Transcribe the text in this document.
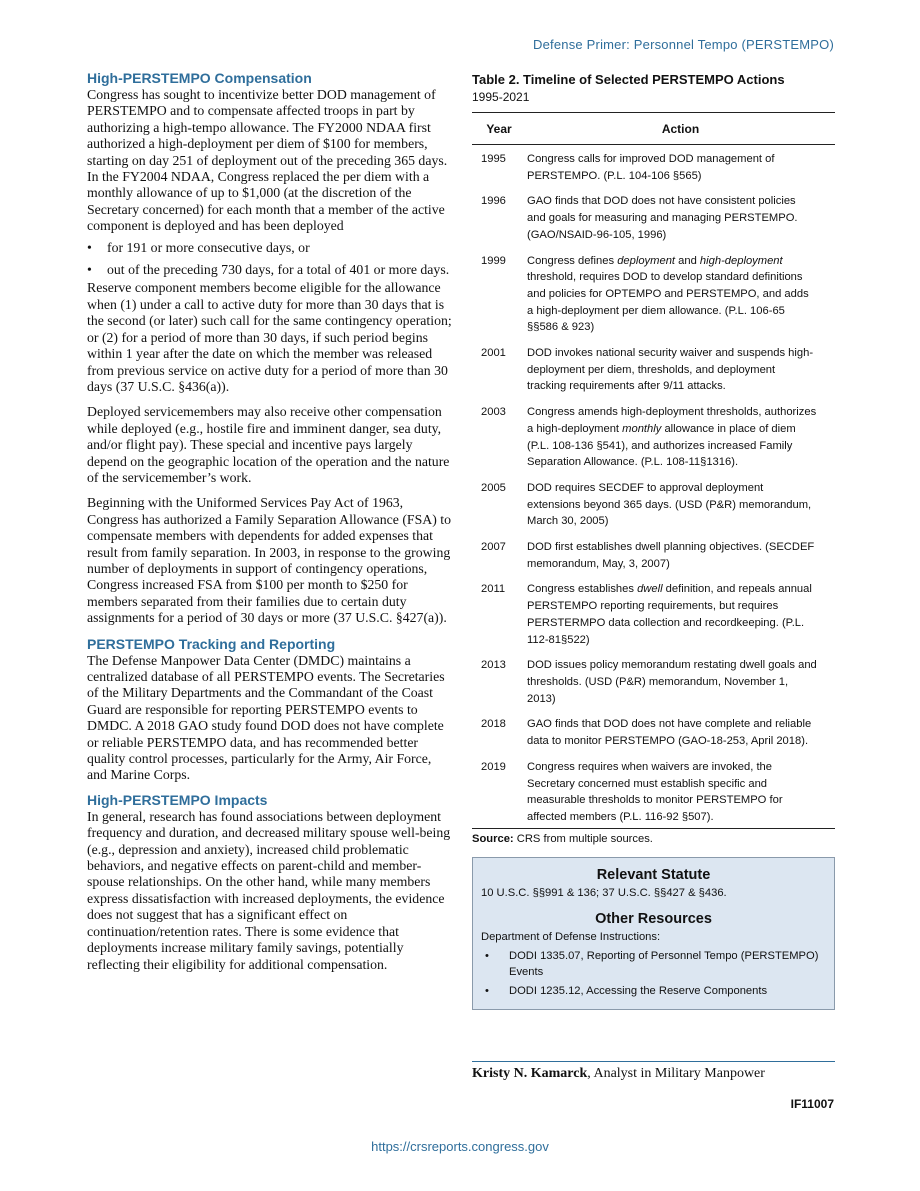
Defense Primer: Personnel Tempo (PERSTEMPO)
High-PERSTEMPO Compensation

Congress has sought to incentivize better DOD management of PERSTEMPO and to compensate affected troops in part by authorizing a high-tempo allowance. The FY2000 NDAA first authorized a high-deployment per diem of $100 for members, starting on day 251 of deployment out of the preceding 365 days. In the FY2004 NDAA, Congress replaced the per diem with a monthly allowance of up to $1,000 (at the discretion of the Secretary concerned) for each month that a member of the active component is deployed and has been deployed

• for 191 or more consecutive days, or
• out of the preceding 730 days, for a total of 401 or more days.

Reserve component members become eligible for the allowance when (1) under a call to active duty for more than 30 days that is the second (or later) such call for the same contingency operation; or (2) for a period of more than 30 days, if such period begins within 1 year after the date on which the member was released from previous service on active duty for a period of more than 30 days (37 U.S.C. §436(a)).

Deployed servicemembers may also receive other compensation while deployed (e.g., hostile fire and imminent danger, sea duty, and/or flight pay). These special and incentive pays largely depend on the geographic location of the operation and the nature of the servicemember’s work.

Beginning with the Uniformed Services Pay Act of 1963, Congress has authorized a Family Separation Allowance (FSA) to compensate members with dependents for added expenses that result from family separation. In 2003, in response to the growing number of deployments in support of contingency operations, Congress increased FSA from $100 per month to $250 for members separated from their families due to certain duty assignments for a period of 30 days or more (37 U.S.C. §427(a)).

PERSTEMPO Tracking and Reporting

The Defense Manpower Data Center (DMDC) maintains a centralized database of all PERSTEMPO events. The Secretaries of the Military Departments and the Commandant of the Coast Guard are responsible for reporting PERSTEMPO events to DMDC. A 2018 GAO study found DOD does not have complete or reliable PERSTEMPO data, and has recommended better quality control processes, particularly for the Army, Air Force, and Marine Corps.

High-PERSTEMPO Impacts

In general, research has found associations between deployment frequency and duration, and decreased military spouse well-being (e.g., depression and anxiety), increased child problematic behaviors, and negative effects on parent-child and member-spouse relationships. On the other hand, while many members express dissatisfaction with increased deployments, the evidence does not suggest that has a significant effect on continuation/retention rates. There is some evidence that deployments increase military family savings, potentially reflecting their eligibility for additional compensation.

Table 2. Timeline of Selected PERSTEMPO Actions
1995-2021
Year	Action
1995	Congress calls for improved DOD management of PERSTEMPO. (P.L. 104-106 §565)
1996	GAO finds that DOD does not have consistent policies and goals for measuring and managing PERSTEMPO. (GAO/NSAID-96-105, 1996)
1999	Congress defines deployment and high-deployment threshold, requires DOD to develop standard definitions and policies for OPTEMPO and PERSTEMPO, and adds a high-deployment per diem allowance. (P.L. 106-65 §§586 & 923)
2001	DOD invokes national security waiver and suspends high-deployment per diem, thresholds, and deployment tracking requirements after 9/11 attacks.
2003	Congress amends high-deployment thresholds, authorizes a high-deployment monthly allowance in place of diem (P.L. 108-136 §541), and authorizes increased Family Separation Allowance. (P.L. 108-11§1316).
2005	DOD requires SECDEF to approval deployment extensions beyond 365 days. (USD (P&R) memorandum, March 30, 2005)
2007	DOD first establishes dwell planning objectives. (SECDEF memorandum, May, 3, 2007)
2011	Congress establishes dwell definition, and repeals annual PERSTEMPO reporting requirements, but requires PERSTERMPO data collection and recordkeeping. (P.L. 112-81§522)
2013	DOD issues policy memorandum restating dwell goals and thresholds. (USD (P&R) memorandum, November 1, 2013)
2018	GAO finds that DOD does not have complete and reliable data to monitor PERSTEMPO (GAO-18-253, April 2018).
2019	Congress requires when waivers are invoked, the Secretary concerned must establish specific and measurable thresholds to monitor PERSTEMPO for affected members (P.L. 116-92 §507).
Source: CRS from multiple sources.
Relevant Statute
10 U.S.C. §§991 & 136; 37 U.S.C. §§427 & §436.
Other Resources
Department of Defense Instructions:
• DODI 1335.07, Reporting of Personnel Tempo (PERSTEMPO) Events
• DODI 1235.12, Accessing the Reserve Components
Kristy N. Kamarck, Analyst in Military Manpower
IF11007
https://crsreports.congress.gov
